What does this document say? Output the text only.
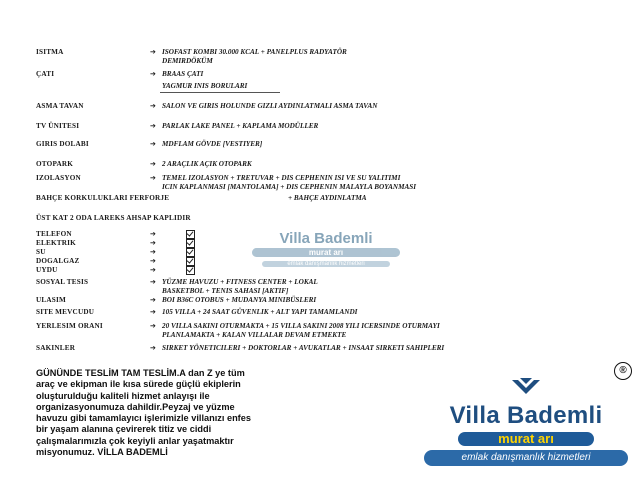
ISITMA	➔ ISOFAST KOMBI 30.000 KCAL + PANELPLUS RADYATÖR
DEMIRDÖKÜM
ÇATI	➔ BRAAS ÇATI
YAGMUR INIS BORULARI
ASMA TAVAN	➔ SALON VE GIRIS HOLUNDE GIZLI AYDINLATMALI ASMA TAVAN
TV ÜNITESI	➔ PARLAK LAKE PANEL + KAPLAMA MODÜLLER
GIRIS DOLABI	➔ MDFLAM GÖVDE [VESTIYER]
OTOPARK	➔ 2 ARAÇLIK AÇIK OTOPARK
IZOLASYON	➔ TEMEL IZOLASYON + TRETUVAR + DIS CEPHENIN ISI VE SU YALITIMI
ICIN KAPLANMASI [MANTOLAMA] + DIS CEPHENIN MALAYLA BOYANMASI
BAHÇE KORKULUKLARI FERFORJE	+ BAHÇE AYDINLATMA
ÜST KAT 2 ODA LAREKS AHSAP KAPLIDIR
TELEFON	➔
ELEKTRIK	➔
SU	➔
DOGALGAZ	➔
UYDU	➔
Villa Bademli
murat arı
emlak danışmanlık hizmetleri
SOSYAL TESIS	➔ YÜZME HAVUZU + FITNESS CENTER + LOKAL
BASKETBOL + TENIS SAHASI [AKTIF]
ULASIM	➔ BOI B36C OTOBUS + MUDANYA MINIBÜSLERI
SITE MEVCUDU	➔ 105 VILLA + 24 SAAT GÜVENLIK + ALT YAPI TAMAMLANDI
YERLESIM ORANI	➔ 20 VILLA SAKINI OTURMAKTA + 15 VILLA SAKINI 2008 YILI ICERSINDE OTURMAYI
PLANLAMAKTA + KALAN VILLALAR DEVAM ETMEKTE
SAKINLER	➔ SIRKET YÖNETICILERI + DOKTORLAR + AVUKATLAR + INSAAT SIRKETI SAHIPLERI
GÜNÜNDE TESLİM TAM TESLİM.A dan Z ye tüm
araç ve ekipman ile kısa sürede güçlü ekiplerin
oluşturulduğu kaliteli hizmet anlayışı ile
organizasyonumuza dahildir.Peyzaj ve yüzme
havuzu gibi tamamlayıcı işlerimizle villanızı enfes
bir yaşam alanına çevirerek titiz ve ciddi
çalışmalarımızla çok keyiyli anlar yaşatmaktır
misyonumuz. VİLLA BADEMLİ
®
Villa Bademli
murat arı
emlak danışmanlık hizmetleri
